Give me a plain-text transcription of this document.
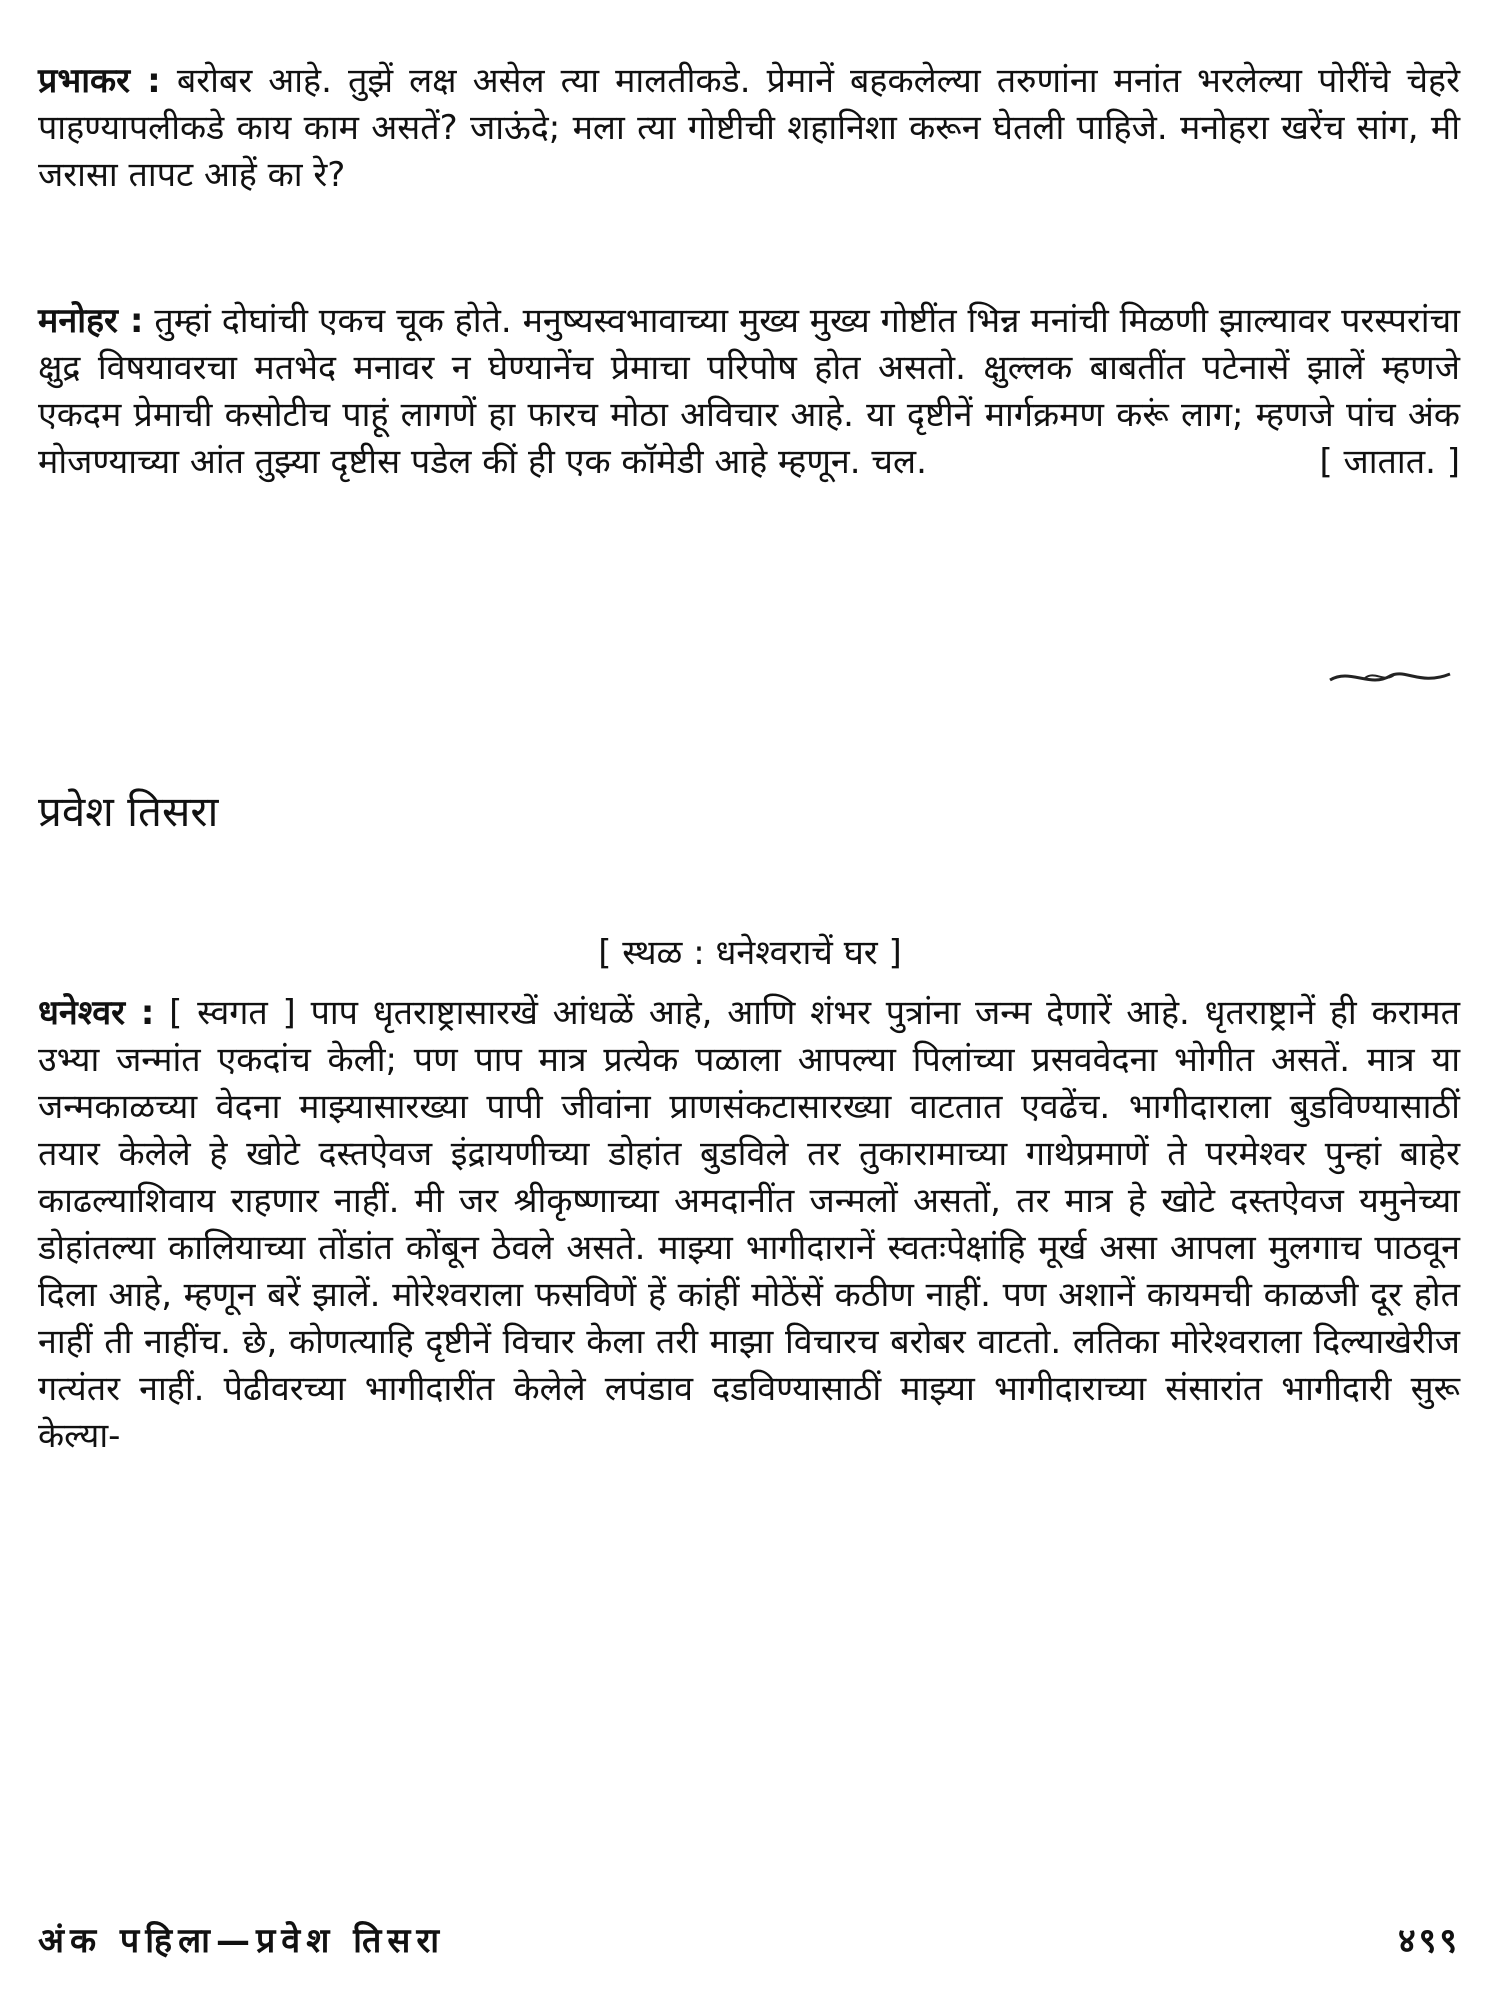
प्रभाकर : बरोबर आहे. तुझें लक्ष असेल त्या मालतीकडे. प्रेमानें बहकलेल्या तरुणांना मनांत भरलेल्या पोरींचे चेहरे पाहण्यापलीकडे काय काम असतें? जाऊंदे; मला त्या गोष्टीची शहानिशा करून घेतली पाहिजे. मनोहरा खरेंच सांग, मी जरासा तापट आहें का रे?
मनोहर : तुम्हां दोघांची एकच चूक होते. मनुष्यस्वभावाच्या मुख्य मुख्य गोष्टींत भिन्न मनांची मिळणी झाल्यावर परस्परांचा क्षुद्र विषयावरचा मतभेद मनावर न घेण्यानेंच प्रेमाचा परिपोष होत असतो. क्षुल्लक बाबतींत पटेनासें झालें म्हणजे एकदम प्रेमाची कसोटीच पाहूं लागणें हा फारच मोठा अविचार आहे. या दृष्टीनें मार्गक्रमण करूं लाग; म्हणजे पांच अंक मोजण्याच्या आंत तुझ्या दृष्टीस पडेल कीं ही एक कॉमेडी आहे म्हणून. चल.	[ जातात. ]
प्रवेश तिसरा
[ स्थळ : धनेश्वराचें घर ]
धनेश्वर : [ स्वगत ] पाप धृतराष्ट्रासारखें आंधळें आहे, आणि शंभर पुत्रांना जन्म देणारें आहे. धृतराष्ट्रानें ही करामत उभ्या जन्मांत एकदांच केली; पण पाप मात्र प्रत्येक पळाला आपल्या पिलांच्या प्रसववेदना भोगीत असतें. मात्र या जन्मकाळच्या वेदना माझ्यासारख्या पापी जीवांना प्राणसंकटासारख्या वाटतात एवढेंच. भागीदाराला बुडविण्यासाठीं तयार केलेले हे खोटे दस्तऐवज इंद्रायणीच्या डोहांत बुडविले तर तुकारामाच्या गाथेप्रमाणें ते परमेश्वर पुन्हां बाहेर काढल्याशिवाय राहणार नाहीं. मी जर श्रीकृष्णाच्या अमदानींत जन्मलों असतों, तर मात्र हे खोटे दस्तऐवज यमुनेच्या डोहांतल्या कालियाच्या तोंडांत कोंबून ठेवले असते. माझ्या भागीदारानें स्वतःपेक्षांहि मूर्ख असा आपला मुलगाच पाठवून दिला आहे, म्हणून बरें झालें. मोरेश्वराला फसविणें हें कांहीं मोठेंसें कठीण नाहीं. पण अशानें कायमची काळजी दूर होत नाहीं ती नाहींच. छे, कोणत्याहि दृष्टीनें विचार केला तरी माझा विचारच बरोबर वाटतो. लतिका मोरेश्वराला दिल्याखेरीज गत्यंतर नाहीं. पेढीवरच्या भागीदारींत केलेले लपंडाव दडविण्यासाठीं माझ्या भागीदाराच्या संसारांत भागीदारी सुरू केल्या-
अंक पहिला—प्रवेश तिसरा	४९९
